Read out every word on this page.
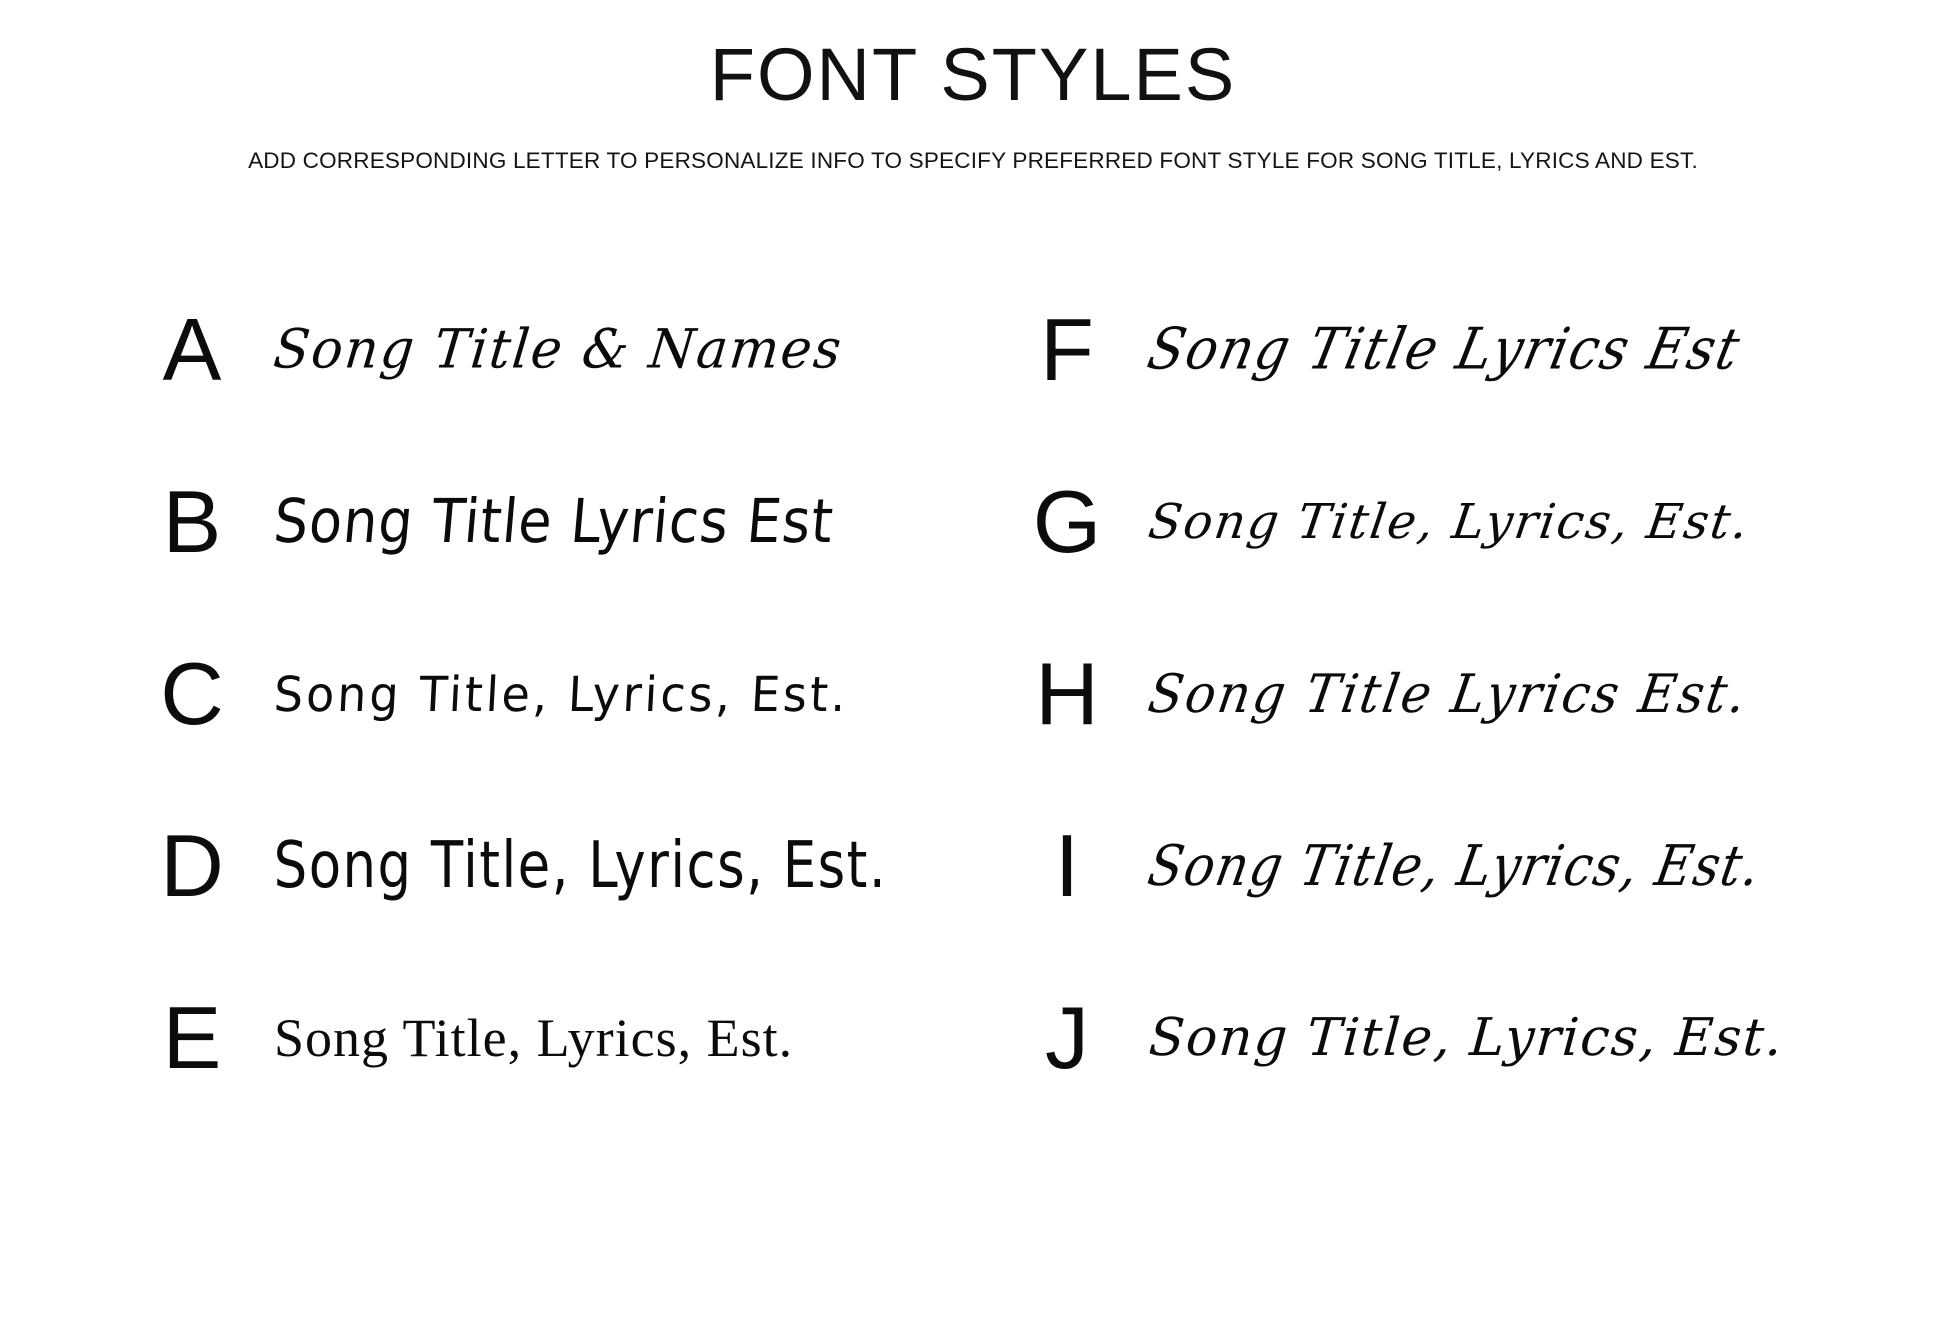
FONT STYLES

ADD CORRESPONDING LETTER TO PERSONALIZE INFO TO SPECIFY PREFERRED FONT STYLE FOR SONG TITLE, LYRICS AND EST.

A Song Title & Names
B Song Title Lyrics Est
C	Song Title, Lyrics, Est.
D Song Title, Lyrics, Est.
E Song Title, Lyrics, Est.
F Song Title Lyrics Est
G Song Title, Lyrics, Est.
H Song Title Lyrics Est.
I	Song Title, Lyrics, Est.
J	Song Title, Lyrics, Est.
